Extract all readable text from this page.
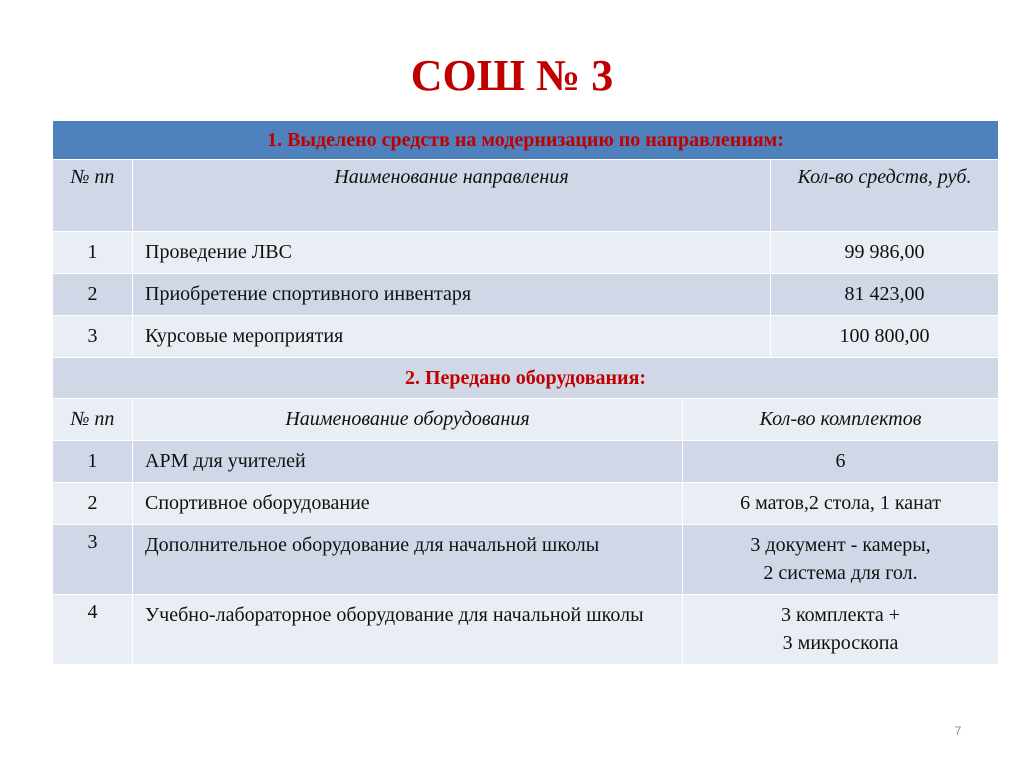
СОШ № 3
1. Выделено средств на модернизацию по направлениям:			
№ пп	Наименование направления		Кол-во средств, руб.
1	Проведение ЛВС		99 986,00
2	Приобретение спортивного инвентаря		81 423,00
3	Курсовые мероприятия		100 800,00
2. Передано оборудования:			
№ пп	Наименование оборудования	Кол-во комплектов	
1	АРМ для учителей	6	
2	Спортивное оборудование	6 матов,2 стола, 1 канат	
3	Дополнительное оборудование для начальной школы	3 документ - камеры,
2 система для гол.	
4	Учебно-лабораторное оборудование для начальной школы	3 комплекта +
3 микроскопа	
7
